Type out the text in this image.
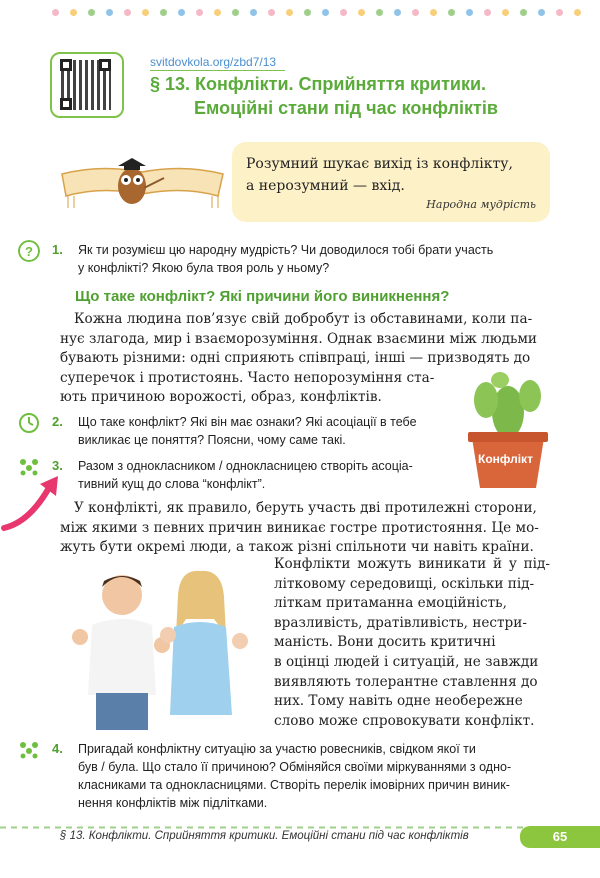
svitdovkola.org/zbd7/13
§ 13. Конфлікти. Сприйняття критики.
Емоційні стани під час конфліктів
Розумний шукає вихід із конфлікту,
а нерозумний — вхід.
Народна мудрість
? 1. Як ти розумієш цю народну мудрість? Чи доводилося тобі брати участь
у конфлікті? Якою була твоя роль у ньому?
Що таке конфлікт? Які причини його виникнення?
Кожна людина пов’язує свій добробут із обставинами, коли па-
нує злагода, мир і взаєморозуміння. Однак взаємини між людьми
бувають різними: одні сприяють співпраці, інші — призводять до
суперечок і протистоянь. Часто непорозуміння ста-
ють причиною ворожості, образ, конфліктів.
Конфлікт
2. Що таке конфлікт? Які він має ознаки? Які асоціації в тебе
викликає це поняття? Поясни, чому саме такі.
3. Разом з однокласником / однокласницею створіть асоціа-
тивний кущ до слова “конфлікт”.
У конфлікті, як правило, беруть участь дві протилежні сторони,
між якими з певних причин виникає гостре протистояння. Це мо-
жуть бути окремі люди, а також різні спільноти чи навіть країни.
Конфлікти можуть виникати й у під-
літковому середовищі, оскільки під-
літкам притаманна емоційність,
вразливість, дратівливість, нестри-
маність. Вони досить критичні
в оцінці людей і ситуацій, не завжди
виявляють толерантне ставлення до
них. Тому навіть одне необережне
слово може спровокувати конфлікт.
4. Пригадай конфліктну ситуацію за участю ровесників, свідком якої ти
був / була. Що стало її причиною? Обміняйся своїми міркуваннями з одно-
класниками та однокласницями. Створіть перелік імовірних причин виник-
нення конфліктів між підлітками.
§ 13. Конфлікти. Сприйняття критики. Емоційні стани під час конфліктів	65
